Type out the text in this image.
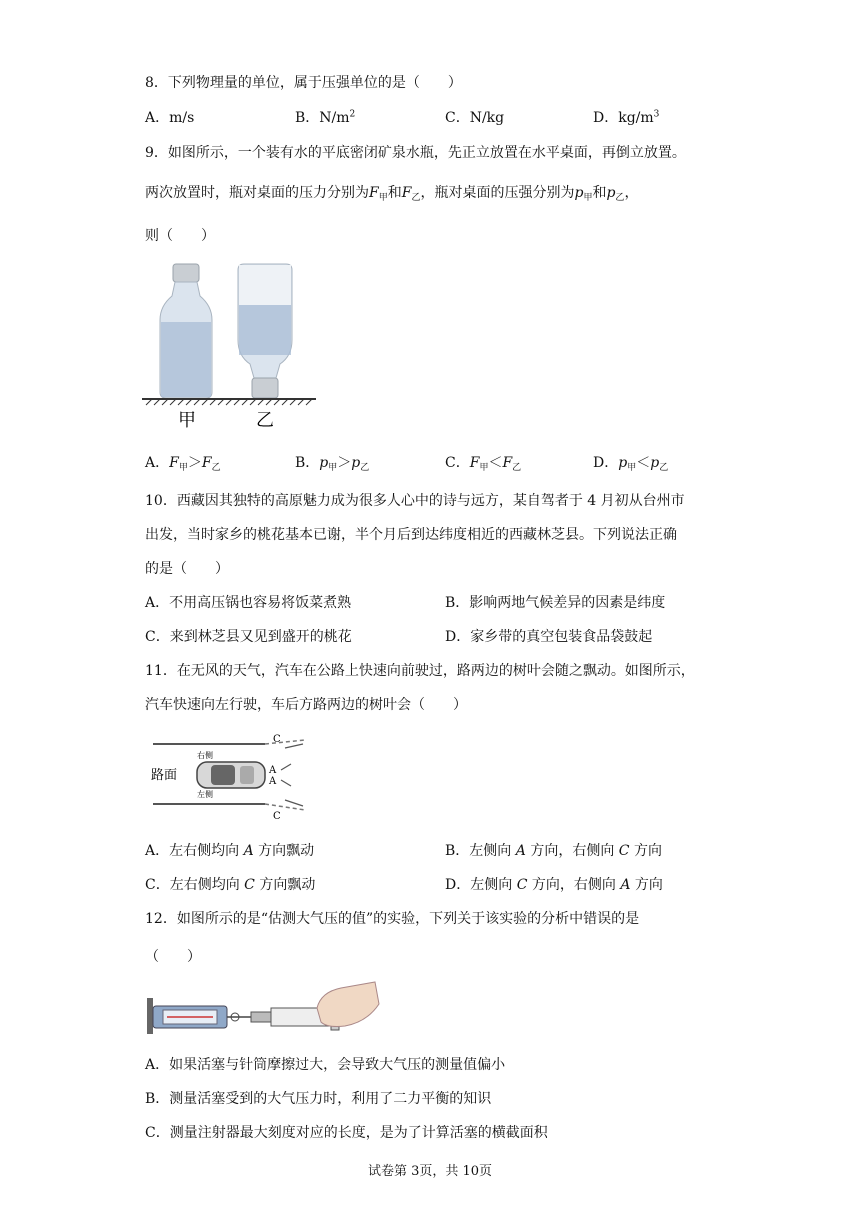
8．下列物理量的单位，属于压强单位的是（　　）
A．m/s	B．$N/m^2$	C．N/kg	D．$kg/m^3$
9．如图所示，一个装有水的平底密闭矿泉水瓶，先正立放置在水平桌面，再倒立放置。
两次放置时，瓶对桌面的压力分别为$F_甲$和$F_乙$，瓶对桌面的压强分别为$p_甲$和$p_乙$，
则（　　）
甲	乙
A．$F_甲>F_乙$	B．$p_甲>p_乙$	C．$F_甲<F_乙$	D．$p_甲<p_乙$
10．西藏因其独特的高原魅力成为很多人心中的诗与远方，某自驾者于 4 月初从台州市
出发，当时家乡的桃花基本已谢，半个月后到达纬度相近的西藏林芝县。下列说法正确
的是（　　）
A．不用高压锅也容易将饭菜煮熟	B．影响两地气候差异的因素是纬度
C．来到林芝县又见到盛开的桃花	D．家乡带的真空包装食品袋鼓起
11．在无风的天气，汽车在公路上快速向前驶过，路两边的树叶会随之飘动。如图所示，
汽车快速向左行驶，车后方路两边的树叶会（　　）
路面
右侧
左侧
A
A
C
C
A．左右侧均向 A 方向飘动	B．左侧向 A 方向，右侧向 C 方向
C．左右侧均向 C 方向飘动	D．左侧向 C 方向，右侧向 A 方向
12．如图所示的是“估测大气压的值”的实验，下列关于该实验的分析中错误的是
（　　）
A．如果活塞与针筒摩擦过大，会导致大气压的测量值偏小
B．测量活塞受到的大气压力时，利用了二力平衡的知识
C．测量注射器最大刻度对应的长度，是为了计算活塞的横截面积
试卷第 3页，共 10页
